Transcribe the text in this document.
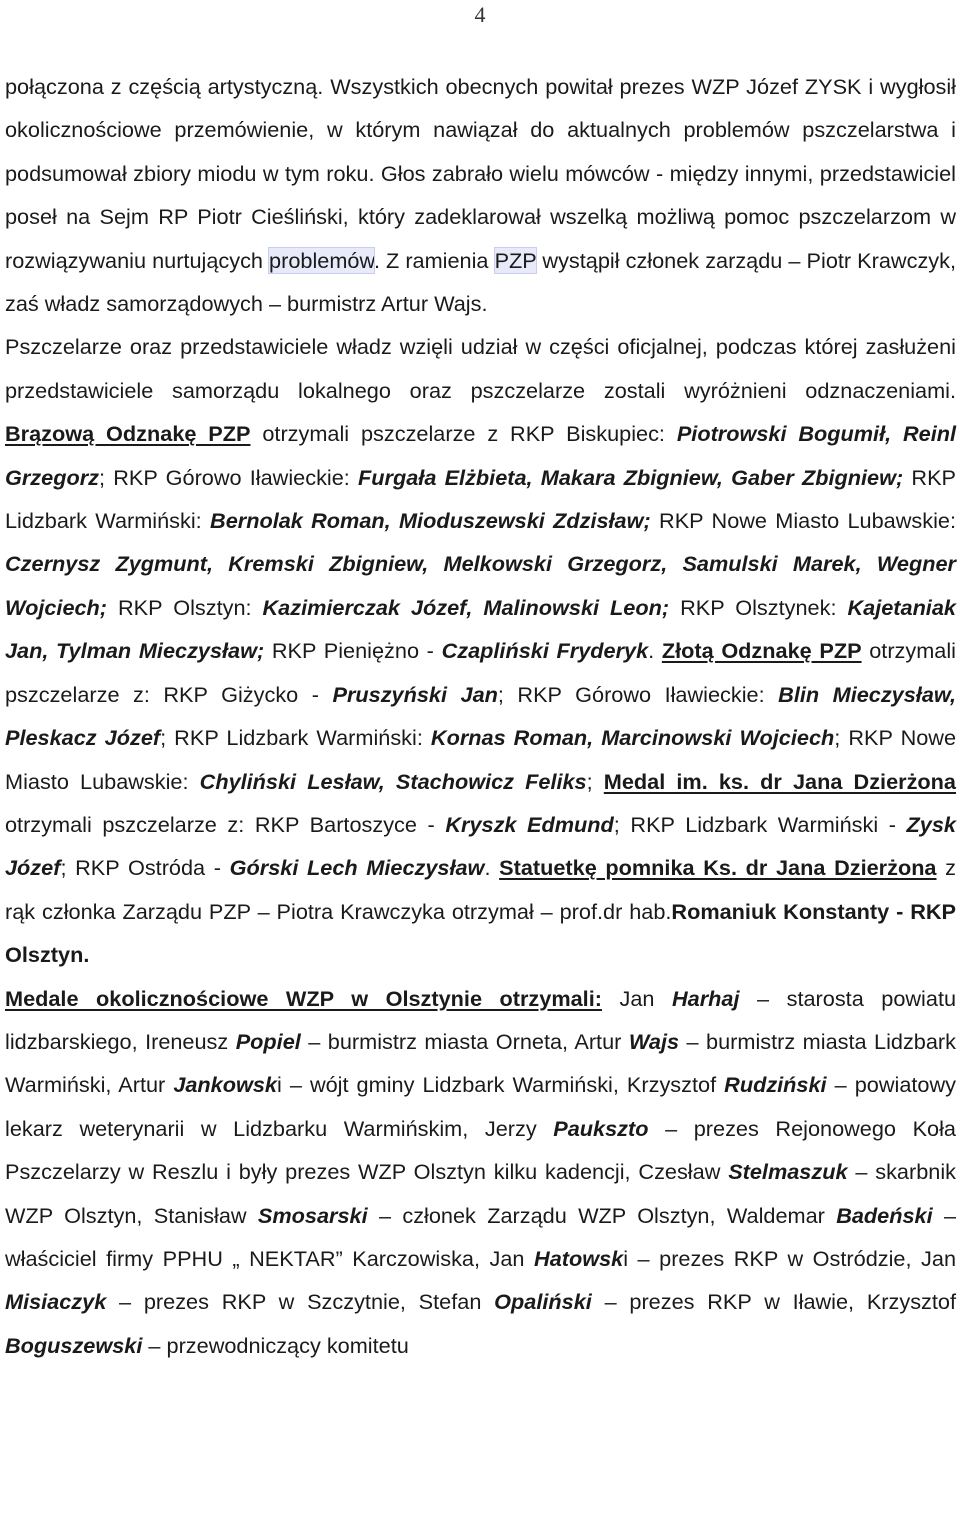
4

połączona z częścią artystyczną. Wszystkich obecnych powitał prezes WZP Józef ZYSK i wygłosił okolicznościowe przemówienie, w którym nawiązał do aktualnych problemów pszczelarstwa i podsumował zbiory miodu w tym roku. Głos zabrało wielu mówców - między innymi, przedstawiciel poseł na Sejm RP Piotr Cieśliński, który zadeklarował wszelką możliwą pomoc pszczelarzom w rozwiązywaniu nurtujących problemów. Z ramienia PZP wystąpił członek zarządu – Piotr Krawczyk, zaś władz samorządowych – burmistrz Artur Wajs.

Pszczelarze oraz przedstawiciele władz wzięli udział w części oficjalnej, podczas której zasłużeni przedstawiciele samorządu lokalnego oraz pszczelarze zostali wyróżnieni odznaczeniami. Brązową Odznakę PZP otrzymali pszczelarze z RKP Biskupiec: Piotrowski Bogumił, Reinl Grzegorz; RKP Górowo Iławieckie: Furgała Elżbieta, Makara Zbigniew, Gaber Zbigniew; RKP Lidzbark Warmiński: Bernolak Roman, Mioduszewski Zdzisław; RKP Nowe Miasto Lubawskie: Czernysz Zygmunt, Kremski Zbigniew, Melkowski Grzegorz, Samulski Marek, Wegner Wojciech; RKP Olsztyn: Kazimierczak Józef, Malinowski Leon; RKP Olsztynek: Kajetaniak Jan, Tylman Mieczysław; RKP Pieniężno - Czapliński Fryderyk. Złotą Odznakę PZP otrzymali pszczelarze z: RKP Giżycko - Pruszyński Jan; RKP Górowo Iławieckie: Blin Mieczysław, Pleskacz Józef; RKP Lidzbark Warmiński: Kornas Roman, Marcinowski Wojciech; RKP Nowe Miasto Lubawskie: Chyliński Lesław, Stachowicz Feliks; Medal im. ks. dr Jana Dzierżona otrzymali pszczelarze z: RKP Bartoszyce - Kryszk Edmund; RKP Lidzbark Warmiński - Zysk Józef; RKP Ostróda - Górski Lech Mieczysław. Statuetkę pomnika Ks. dr Jana Dzierżona z rąk członka Zarządu PZP – Piotra Krawczyka otrzymał – prof.dr hab.Romaniuk Konstanty - RKP Olsztyn.

Medale okolicznościowe WZP w Olsztynie otrzymali: Jan Harhaj – starosta powiatu lidzbarskiego, Ireneusz Popiel – burmistrz miasta Orneta, Artur Wajs – burmistrz miasta Lidzbark Warmiński, Artur Jankowski – wójt gminy Lidzbark Warmiński, Krzysztof Rudziński – powiatowy lekarz weterynarii w Lidzbarku Warmińskim, Jerzy Paukszto – prezes Rejonowego Koła Pszczelarzy w Reszlu i były prezes WZP Olsztyn kilku kadencji, Czesław Stelmaszuk – skarbnik WZP Olsztyn, Stanisław Smosarski – członek Zarządu WZP Olsztyn, Waldemar Badeński – właściciel firmy PPHU „ NEKTAR” Karczowiska, Jan Hatowski – prezes RKP w Ostródzie, Jan Misiaczyk – prezes RKP w Szczytnie, Stefan Opaliński – prezes RKP w Iławie, Krzysztof Boguszewski – przewodniczący komitetu
